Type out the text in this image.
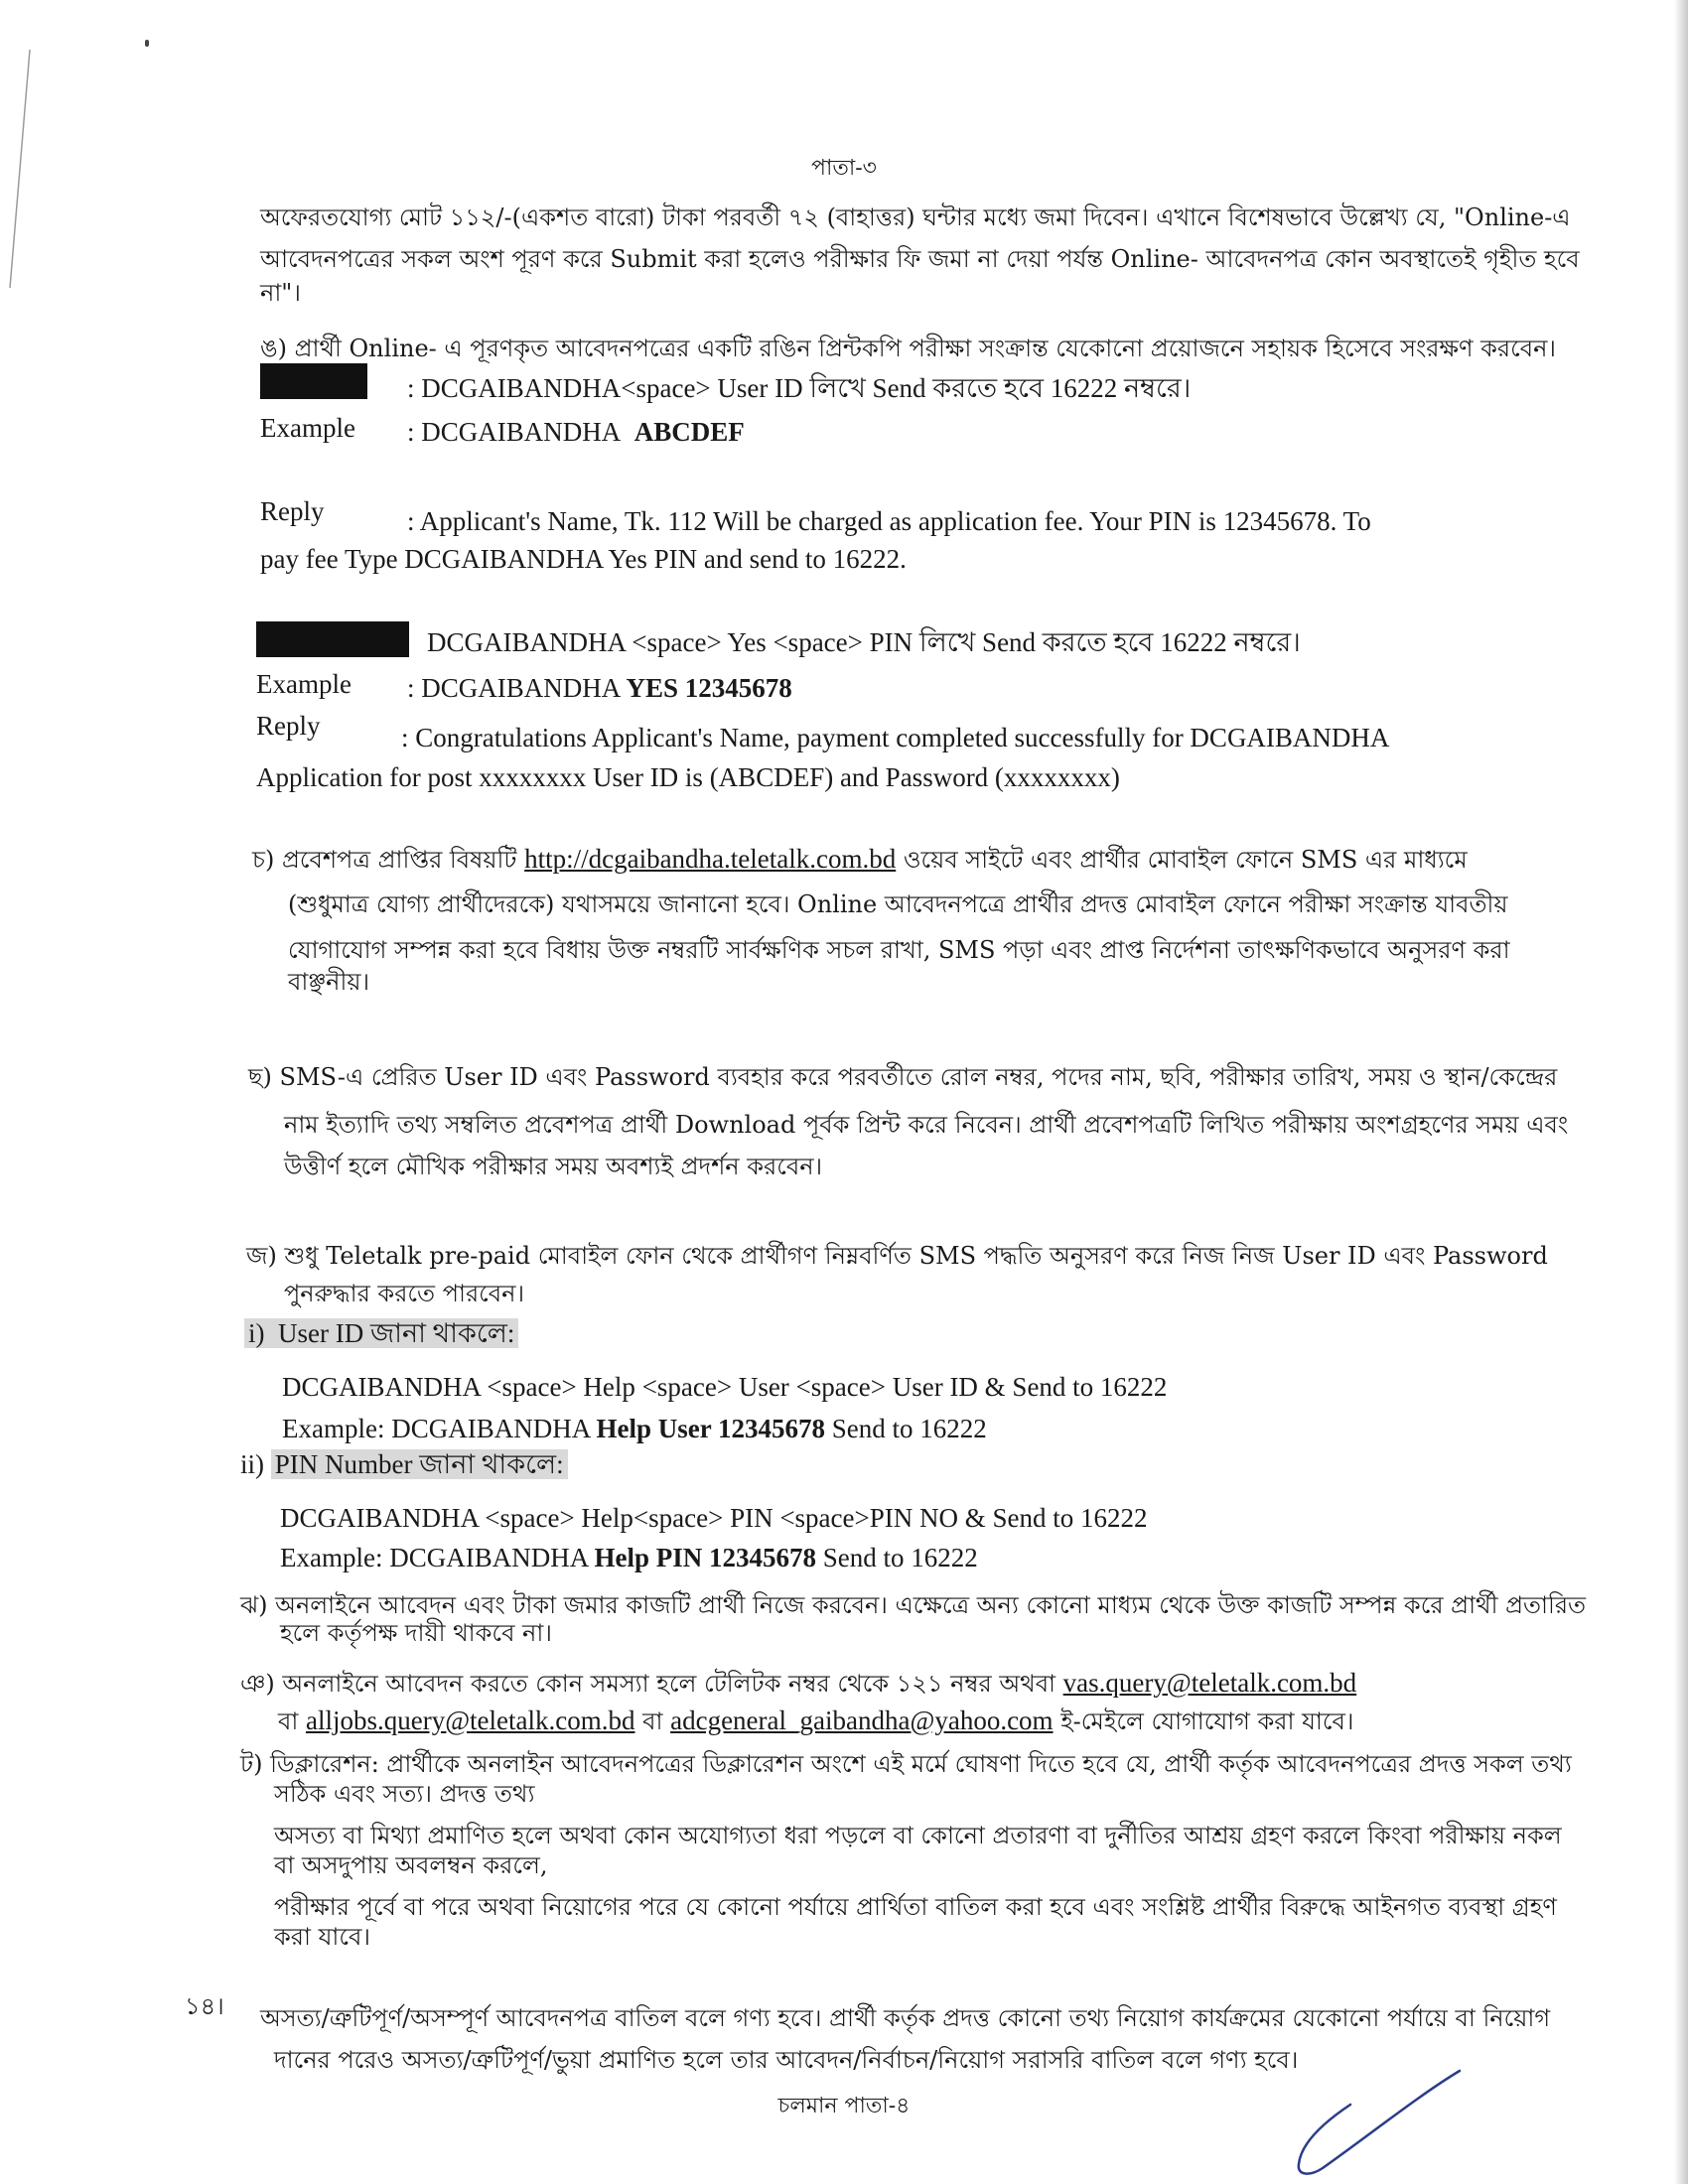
পাতা-৩
অফেরতযোগ্য মোট ১১২/-(একশত বারো) টাকা পরবর্তী ৭২ (বাহাত্তর) ঘন্টার মধ্যে জমা দিবেন। এখানে বিশেষভাবে উল্লেখ্য যে, "Online-এ
আবেদনপত্রের সকল অংশ পূরণ করে Submit করা হলেও পরীক্ষার ফি জমা না দেয়া পর্যন্ত Online- আবেদনপত্র কোন অবস্থাতেই গৃহীত হবে
না"।
ঙ) প্রার্থী Online- এ পূরণকৃত আবেদনপত্রের একটি রঙিন প্রিন্টকপি পরীক্ষা সংক্রান্ত যেকোনো প্রয়োজনে সহায়ক হিসেবে সংরক্ষণ করবেন।
: DCGAIBANDHA<space> User ID লিখে Send করতে হবে 16222 নম্বরে।
Example : DCGAIBANDHA ABCDEF
Reply	: Applicant's Name, Tk. 112 Will be charged as application fee. Your PIN is 12345678. To
pay fee Type DCGAIBANDHA Yes PIN and send to 16222.
DCGAIBANDHA <space> Yes <space> PIN লিখে Send করতে হবে 16222 নম্বরে।
Example : DCGAIBANDHA YES 12345678
Reply	: Congratulations Applicant's Name, payment completed successfully for DCGAIBANDHA
Application for post xxxxxxxx User ID is (ABCDEF) and Password (xxxxxxxx)
চ) প্রবেশপত্র প্রাপ্তির বিষয়টি http://dcgaibandha.teletalk.com.bd ওয়েব সাইটে এবং প্রার্থীর মোবাইল ফোনে SMS এর মাধ্যমে
(শুধুমাত্র যোগ্য প্রার্থীদেরকে) যথাসময়ে জানানো হবে। Online আবেদনপত্রে প্রার্থীর প্রদত্ত মোবাইল ফোনে পরীক্ষা সংক্রান্ত যাবতীয়
যোগাযোগ সম্পন্ন করা হবে বিধায় উক্ত নম্বরটি সার্বক্ষণিক সচল রাখা, SMS পড়া এবং প্রাপ্ত নির্দেশনা তাৎক্ষণিকভাবে অনুসরণ করা
বাঞ্ছনীয়।
ছ) SMS-এ প্রেরিত User ID এবং Password ব্যবহার করে পরবর্তীতে রোল নম্বর, পদের নাম, ছবি, পরীক্ষার তারিখ, সময় ও স্থান/কেন্দ্রের
নাম ইত্যাদি তথ্য সম্বলিত প্রবেশপত্র প্রার্থী Download পূর্বক প্রিন্ট করে নিবেন। প্রার্থী প্রবেশপত্রটি লিখিত পরীক্ষায় অংশগ্রহণের সময় এবং
উত্তীর্ণ হলে মৌখিক পরীক্ষার সময় অবশ্যই প্রদর্শন করবেন।
জ) শুধু Teletalk pre-paid মোবাইল ফোন থেকে প্রার্থীগণ নিম্নবর্ণিত SMS পদ্ধতি অনুসরণ করে নিজ নিজ User ID এবং Password
পুনরুদ্ধার করতে পারবেন।
i) User ID জানা থাকলে:
DCGAIBANDHA <space> Help <space> User <space> User ID & Send to 16222
Example: DCGAIBANDHA Help User 12345678 Send to 16222
ii) PIN Number জানা থাকলে:
DCGAIBANDHA <space> Help<space> PIN <space>PIN NO & Send to 16222
Example: DCGAIBANDHA Help PIN 12345678 Send to 16222
ঝ) অনলাইনে আবেদন এবং টাকা জমার কাজটি প্রার্থী নিজে করবেন। এক্ষেত্রে অন্য কোনো মাধ্যম থেকে উক্ত কাজটি সম্পন্ন করে প্রার্থী প্রতারিত
হলে কর্তৃপক্ষ দায়ী থাকবে না।
ঞ) অনলাইনে আবেদন করতে কোন সমস্যা হলে টেলিটক নম্বর থেকে ১২১ নম্বর অথবা vas.query@teletalk.com.bd
বা alljobs.query@teletalk.com.bd বা adcgeneral_gaibandha@yahoo.com ই-মেইলে যোগাযোগ করা যাবে।
ট) ডিক্লারেশন: প্রার্থীকে অনলাইন আবেদনপত্রের ডিক্লারেশন অংশে এই মর্মে ঘোষণা দিতে হবে যে, প্রার্থী কর্তৃক আবেদনপত্রের প্রদত্ত সকল তথ্য
সঠিক এবং সত্য। প্রদত্ত তথ্য
অসত্য বা মিথ্যা প্রমাণিত হলে অথবা কোন অযোগ্যতা ধরা পড়লে বা কোনো প্রতারণা বা দুর্নীতির আশ্রয় গ্রহণ করলে কিংবা পরীক্ষায় নকল
বা অসদুপায় অবলম্বন করলে,
পরীক্ষার পূর্বে বা পরে অথবা নিয়োগের পরে যে কোনো পর্যায়ে প্রার্থিতা বাতিল করা হবে এবং সংশ্লিষ্ট প্রার্থীর বিরুদ্ধে আইনগত ব্যবস্থা গ্রহণ
করা যাবে।
১৪। অসত্য/ত্রুটিপূর্ণ/অসম্পূর্ণ আবেদনপত্র বাতিল বলে গণ্য হবে। প্রার্থী কর্তৃক প্রদত্ত কোনো তথ্য নিয়োগ কার্যক্রমের যেকোনো পর্যায়ে বা নিয়োগ
দানের পরেও অসত্য/ত্রুটিপূর্ণ/ভুয়া প্রমাণিত হলে তার আবেদন/নির্বাচন/নিয়োগ সরাসরি বাতিল বলে গণ্য হবে।
চলমান পাতা-৪
